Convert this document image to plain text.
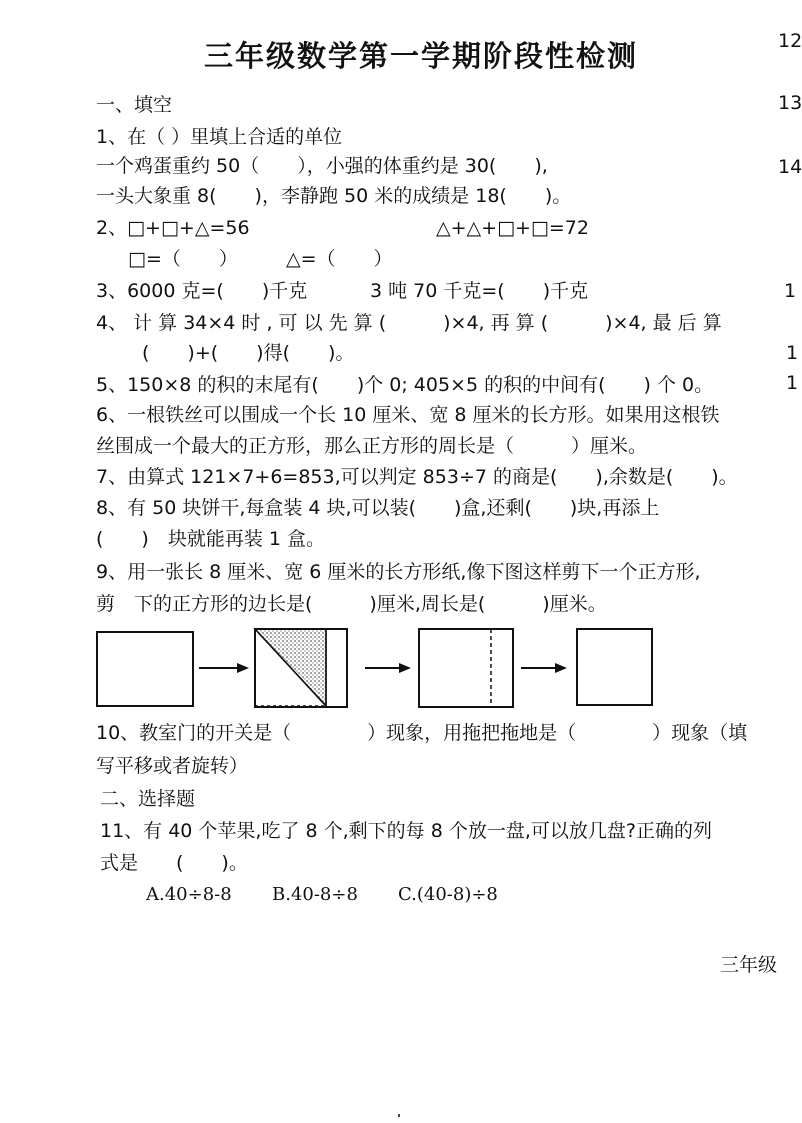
三年级数学第一学期阶段性检测	12
13
14
1
1
1
一、填空
1、在（ ）里填上合适的单位
一个鸡蛋重约 50（　　），小强的体重约是 30(　　),
一头大象重 8(　　)，李静跑 50 米的成绩是 18(　　)。
2、□+□+△=56	△+△+□+□=72
□=（　　）	△=（　　）
3、6000 克=(　　)千克	3 吨 70 千克=(　　)千克
4、 计 算 34×4 时 , 可 以 先 算 (　　　)×4, 再 算 (　　　)×4, 最 后 算
(　　)+(　　)得(　　)。
5、150×8 的积的末尾有(　　)个 0; 405×5 的积的中间有(　　) 个 0。
6、一根铁丝可以围成一个长 10 厘米、宽 8 厘米的长方形。如果用这根铁
丝围成一个最大的正方形，那么正方形的周长是（　　　）厘米。
7、由算式 121×7+6=853,可以判定 853÷7 的商是(　　),余数是(　　)。
8、有 50 块饼干,每盒装 4 块,可以装(　　)盒,还剩(　　)块,再添上
(　　)　块就能再装 1 盒。
9、用一张长 8 厘米、宽 6 厘米的长方形纸,像下图这样剪下一个正方形,
剪　下的正方形的边长是(　　　)厘米,周长是(　　　)厘米。
10、教室门的开关是（　　　　）现象，用拖把拖地是（　　　　）现象（填
写平移或者旋转）
二、选择题
11、有 40 个苹果,吃了 8 个,剩下的每 8 个放一盘,可以放几盘?正确的列
式是　　(　　)。
A.40÷8-8 B.40-8÷8 C.(40-8)÷8
三年级
